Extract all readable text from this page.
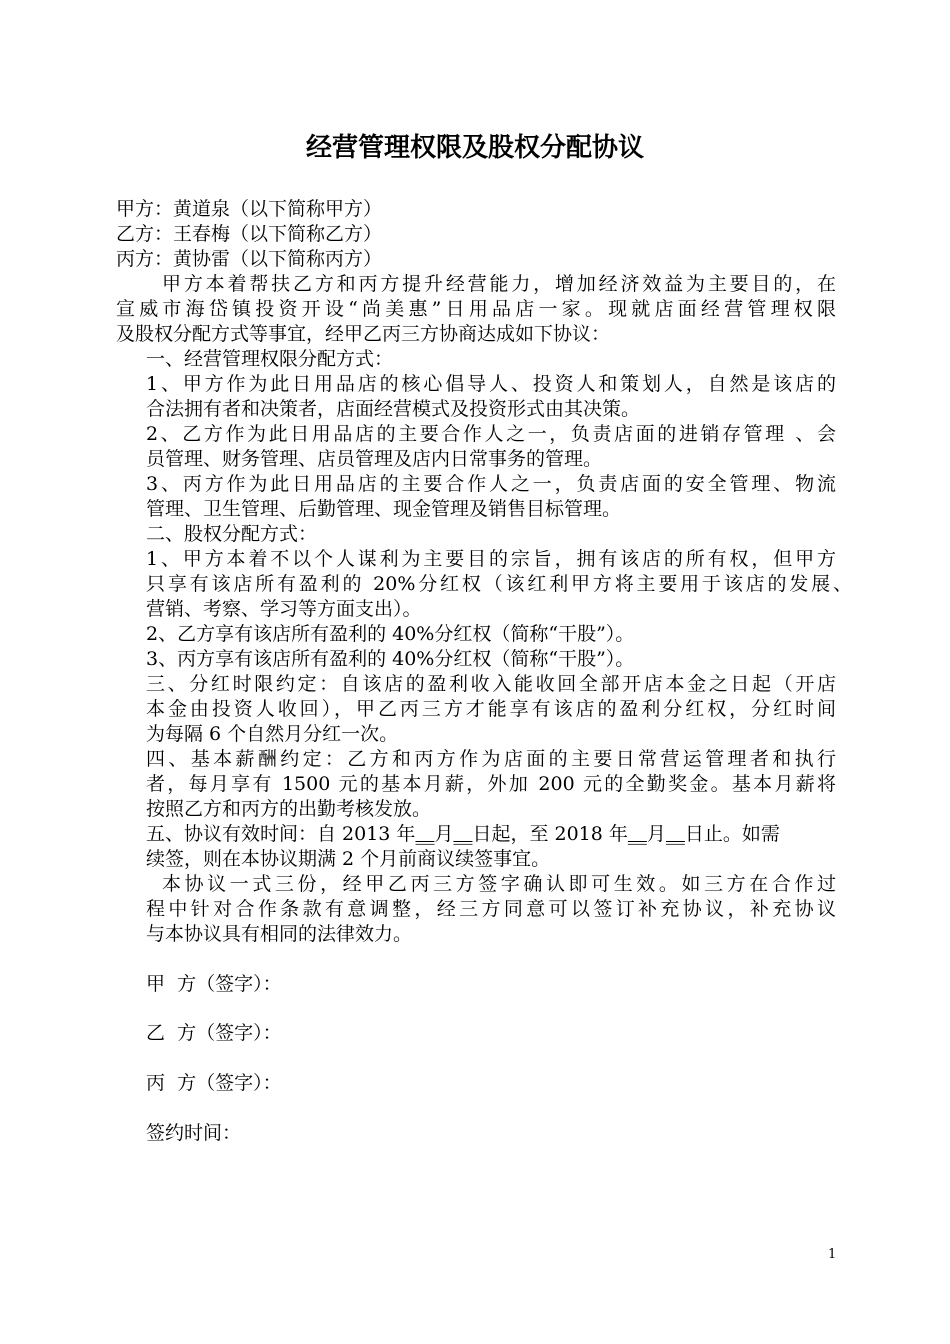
经营管理权限及股权分配协议
甲方：黄道泉（以下简称甲方）
乙方：王春梅（以下简称乙方）
丙方：黄协雷（以下简称丙方）
甲方本着帮扶乙方和丙方提升经营能力，增加经济效益为主要目的，在
宣威市海岱镇投资开设“尚美惠”日用品店一家。现就店面经营管理权限
及股权分配方式等事宜，经甲乙丙三方协商达成如下协议：
一、经营管理权限分配方式：
1、甲方作为此日用品店的核心倡导人、投资人和策划人，自然是该店的
合法拥有者和决策者，店面经营模式及投资形式由其决策。
2、乙方作为此日用品店的主要合作人之一，负责店面的进销存管理 、会
员管理、财务管理、店员管理及店内日常事务的管理。
3、丙方作为此日用品店的主要合作人之一，负责店面的安全管理、物流
管理、卫生管理、后勤管理、现金管理及销售目标管理。
二、股权分配方式：
1、甲方本着不以个人谋利为主要目的宗旨，拥有该店的所有权，但甲方
只享有该店所有盈利的 20%分红权（该红利甲方将主要用于该店的发展、
营销、考察、学习等方面支出）。
2、乙方享有该店所有盈利的 40%分红权（简称“干股”）。
3、丙方享有该店所有盈利的 40%分红权（简称“干股”）。
三、分红时限约定：自该店的盈利收入能收回全部开店本金之日起（开店
本金由投资人收回），甲乙丙三方才能享有该店的盈利分红权，分红时间
为每隔 6 个自然月分红一次。
四、基本薪酬约定：乙方和丙方作为店面的主要日常营运管理者和执行
者，每月享有 1500 元的基本月薪，外加 200 元的全勤奖金。基本月薪将
按照乙方和丙方的出勤考核发放。
五、协议有效时间：自 2013 年__月__日起，至 2018 年__月__日止。如需
续签，则在本协议期满 2 个月前商议续签事宜。
本协议一式三份，经甲乙丙三方签字确认即可生效。如三方在合作过
程中针对合作条款有意调整，经三方同意可以签订补充协议，补充协议
与本协议具有相同的法律效力。
甲  方（签字）：
乙  方（签字）：
丙  方（签字）：
签约时间：
1
